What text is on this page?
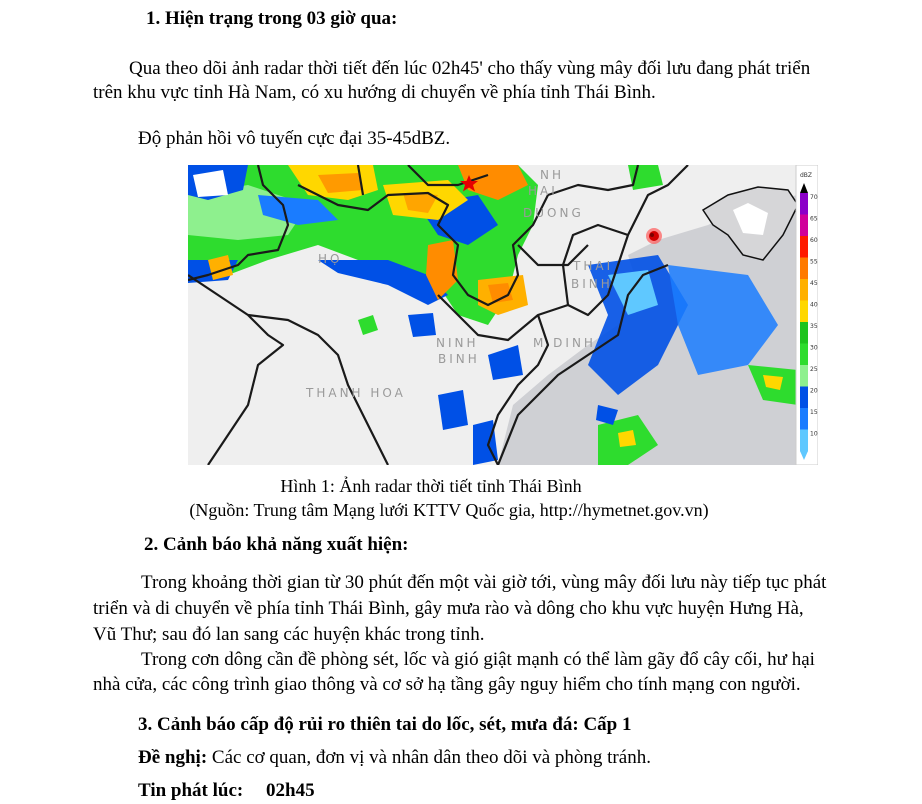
1. Hiện trạng trong 03 giờ qua:
Qua theo dõi ảnh radar thời tiết đến lúc 02h45' cho thấy vùng mây đối lưu đang phát triển
trên khu vực tỉnh Hà Nam, có xu hướng di chuyển về phía tỉnh Thái Bình.
Độ phản hồi vô tuyến cực đại 35-45dBZ.
HỌ
HAI
DUONG
NH
THAI
BINH
NINH
BINH
M DINH
THANH HOA
dBZ
70
65
60
55
45
40
35
30
25
20
15
10
Hình 1: Ảnh radar thời tiết tỉnh Thái Bình
(Nguồn: Trung tâm Mạng lưới KTTV Quốc gia, http://hymetnet.gov.vn)
2. Cảnh báo khả năng xuất hiện:
Trong khoảng thời gian từ 30 phút đến một vài giờ tới, vùng mây đối lưu này tiếp tục phát
triển và di chuyển về phía tỉnh Thái Bình, gây mưa rào và dông cho khu vực huyện Hưng Hà,
Vũ Thư; sau đó lan sang các huyện khác trong tỉnh.
Trong cơn dông cần đề phòng sét, lốc và gió giật mạnh có thể làm gãy đổ cây cối, hư hại
nhà cửa, các công trình giao thông và cơ sở hạ tầng gây nguy hiểm cho tính mạng con người.
3. Cảnh báo cấp độ rủi ro thiên tai do lốc, sét, mưa đá: Cấp 1
Đề nghị: Các cơ quan, đơn vị và nhân dân theo dõi và phòng tránh.
Tin phát lúc: 02h45
